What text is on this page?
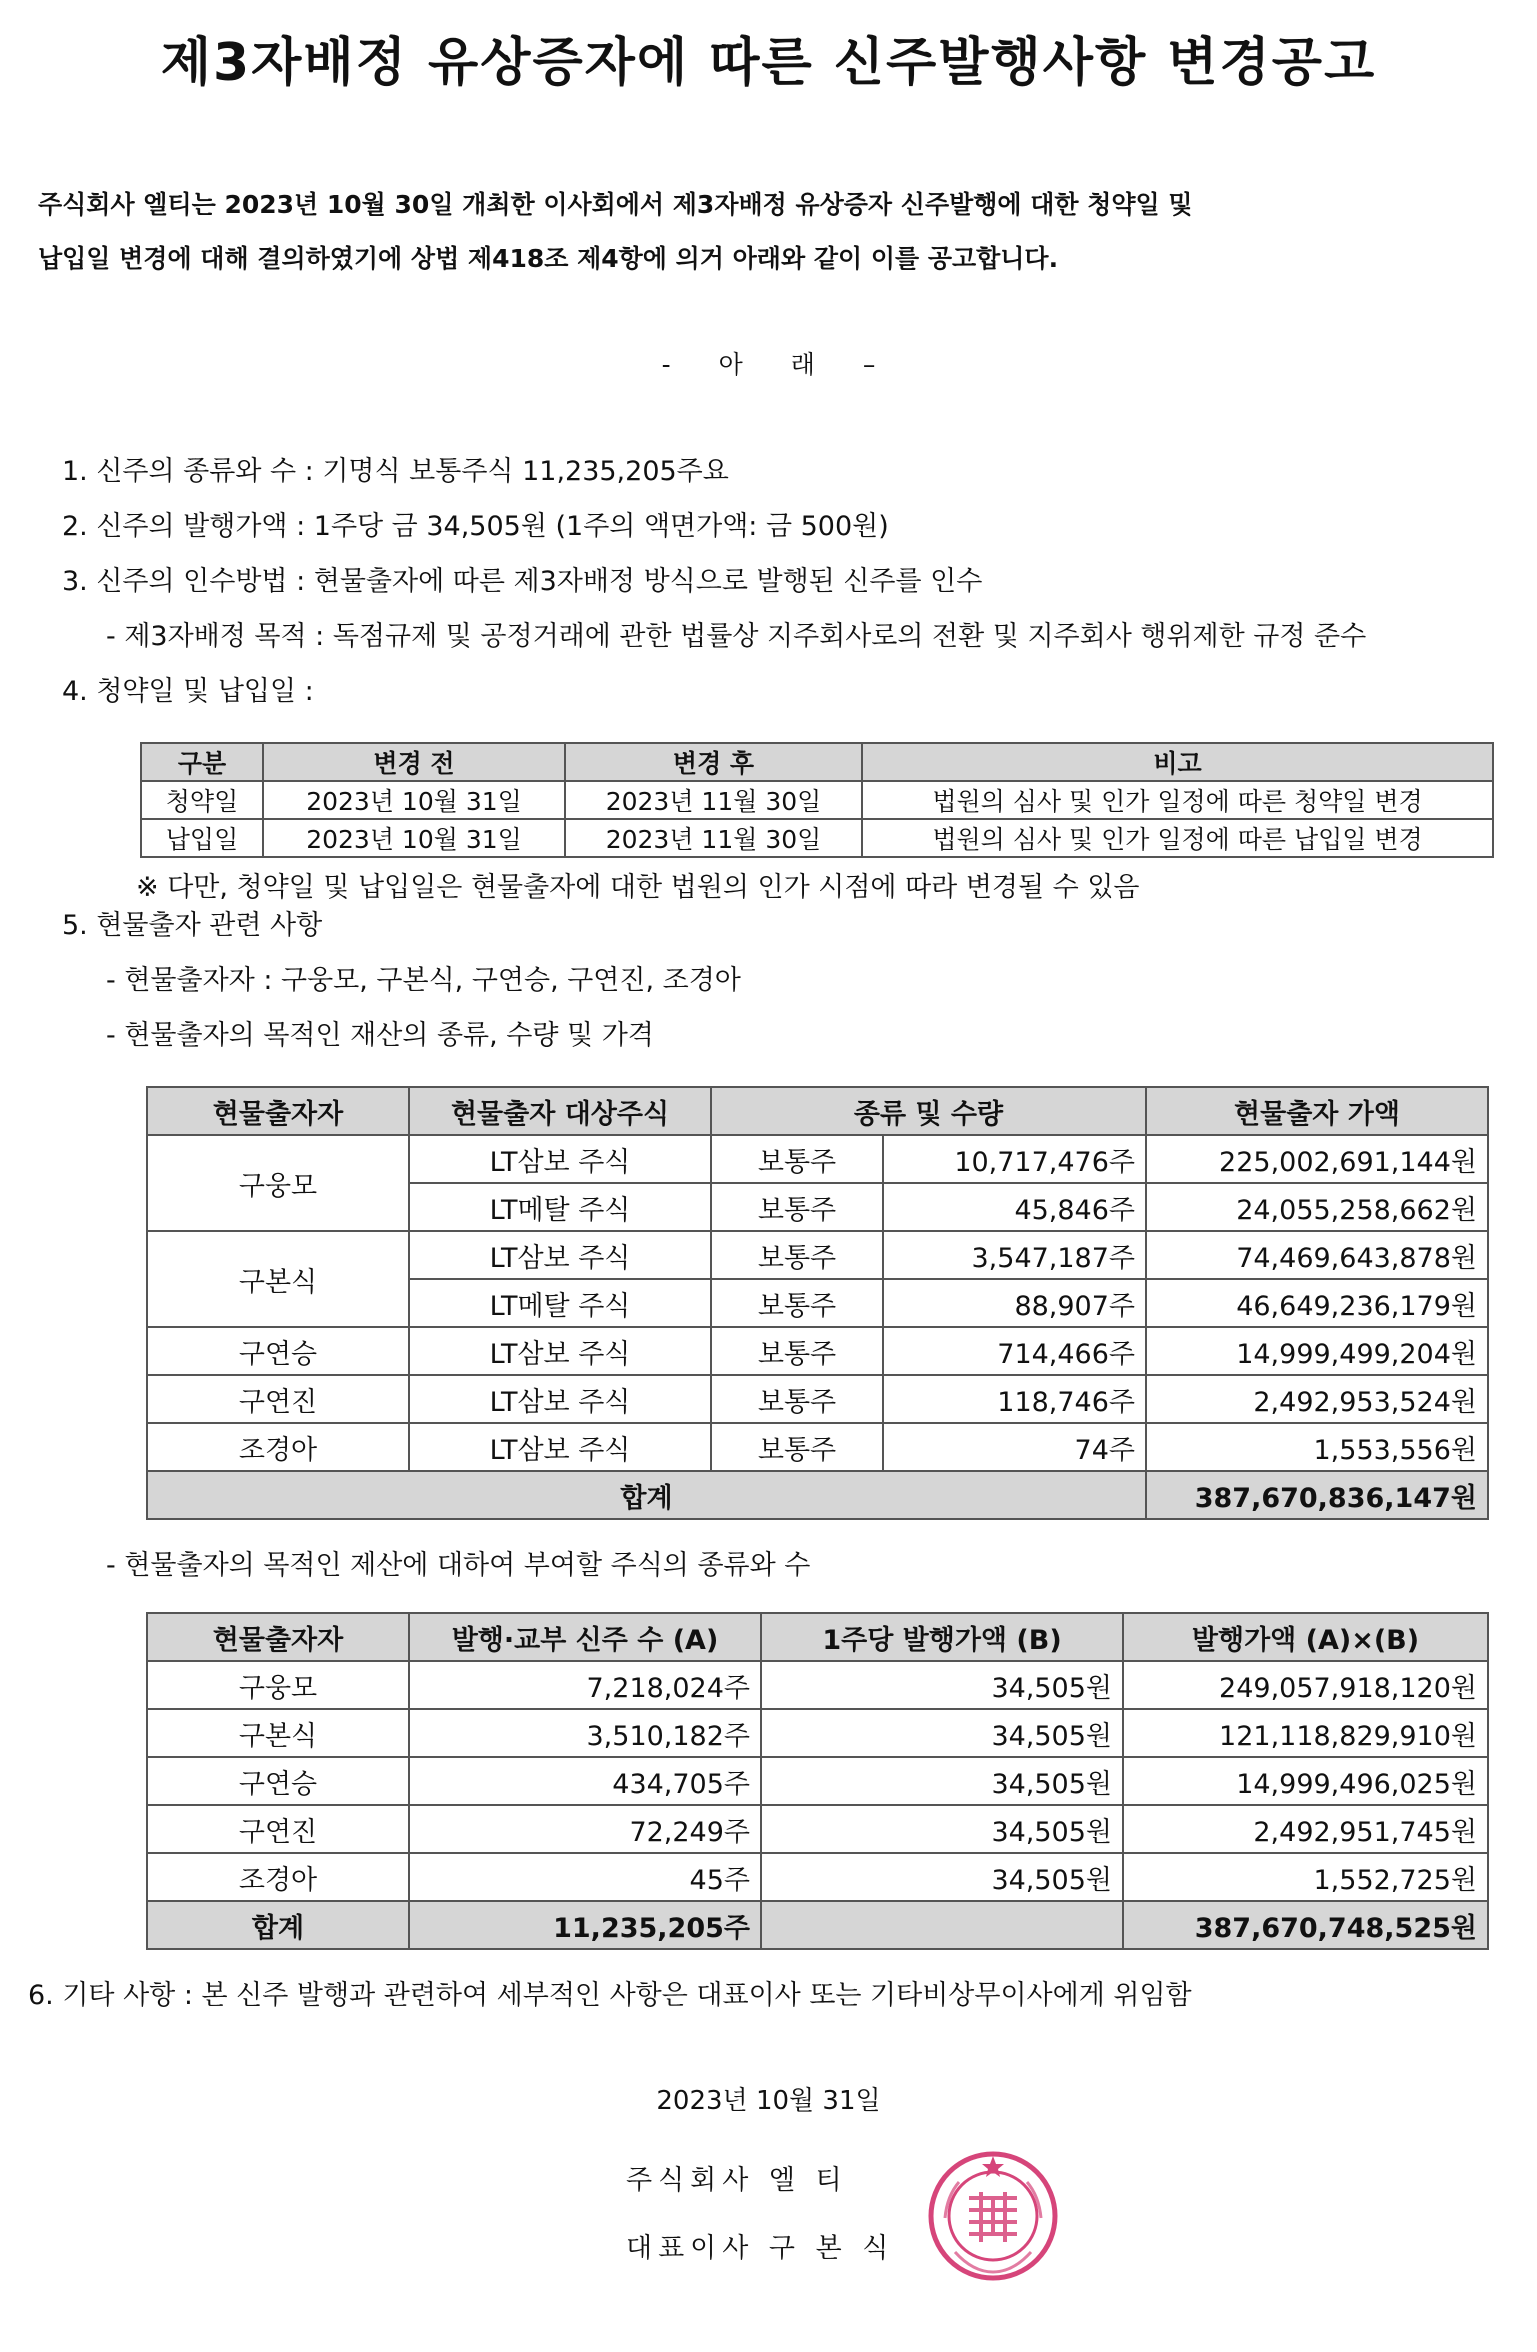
제3자배정 유상증자에 따른 신주발행사항 변경공고

주식회사 엘티는 2023년 10월 30일 개최한 이사회에서 제3자배정 유상증자 신주발행에 대한 청약일 및

납입일 변경에 대해 결의하였기에 상법 제418조 제4항에 의거 아래와 같이 이를 공고합니다.

- 아 래 –
1. 신주의 종류와 수 : 기명식 보통주식 11,235,205주요
2. 신주의 발행가액 : 1주당 금 34,505원 (1주의 액면가액: 금 500원)
3. 신주의 인수방법 : 현물출자에 따른 제3자배정 방식으로 발행된 신주를 인수
- 제3자배정 목적 : 독점규제 및 공정거래에 관한 법률상 지주회사로의 전환 및 지주회사 행위제한 규정 준수
4. 청약일 및 납입일 :
구분	변경 전	변경 후	비고
청약일	2023년 10월 31일	2023년 11월 30일	법원의 심사 및 인가 일정에 따른 청약일 변경
납입일	2023년 10월 31일	2023년 11월 30일	법원의 심사 및 인가 일정에 따른 납입일 변경
※ 다만, 청약일 및 납입일은 현물출자에 대한 법원의 인가 시점에 따라 변경될 수 있음
5. 현물출자 관련 사항
- 현물출자자 : 구웅모, 구본식, 구연승, 구연진, 조경아
- 현물출자의 목적인 재산의 종류, 수량 및 가격
현물출자자	현물출자 대상주식	종류 및 수량		현물출자 가액
구웅모	LT삼보 주식	보통주	10,717,476주	225,002,691,144원
	LT메탈 주식	보통주	45,846주	24,055,258,662원
구본식	LT삼보 주식	보통주	3,547,187주	74,469,643,878원
	LT메탈 주식	보통주	88,907주	46,649,236,179원
구연승	LT삼보 주식	보통주	714,466주	14,999,499,204원
구연진	LT삼보 주식	보통주	118,746주	2,492,953,524원
조경아	LT삼보 주식	보통주	74주	1,553,556원
합계				387,670,836,147원
- 현물출자의 목적인 제산에 대하여 부여할 주식의 종류와 수
현물출자자	발행·교부 신주 수 (A)	1주당 발행가액 (B)	발행가액 (A)×(B)
구웅모	7,218,024주	34,505원	249,057,918,120원
구본식	3,510,182주	34,505원	121,118,829,910원
구연승	434,705주	34,505원	14,999,496,025원
구연진	72,249주	34,505원	2,492,951,745원
조경아	45주	34,505원	1,552,725원
합계	11,235,205주		387,670,748,525원
6. 기타 사항 : 본 신주 발행과 관련하여 세부적인 사항은 대표이사 또는 기타비상무이사에게 위임함
2023년 10월 31일
주식회사 엘 티
대표이사 구 본 식
